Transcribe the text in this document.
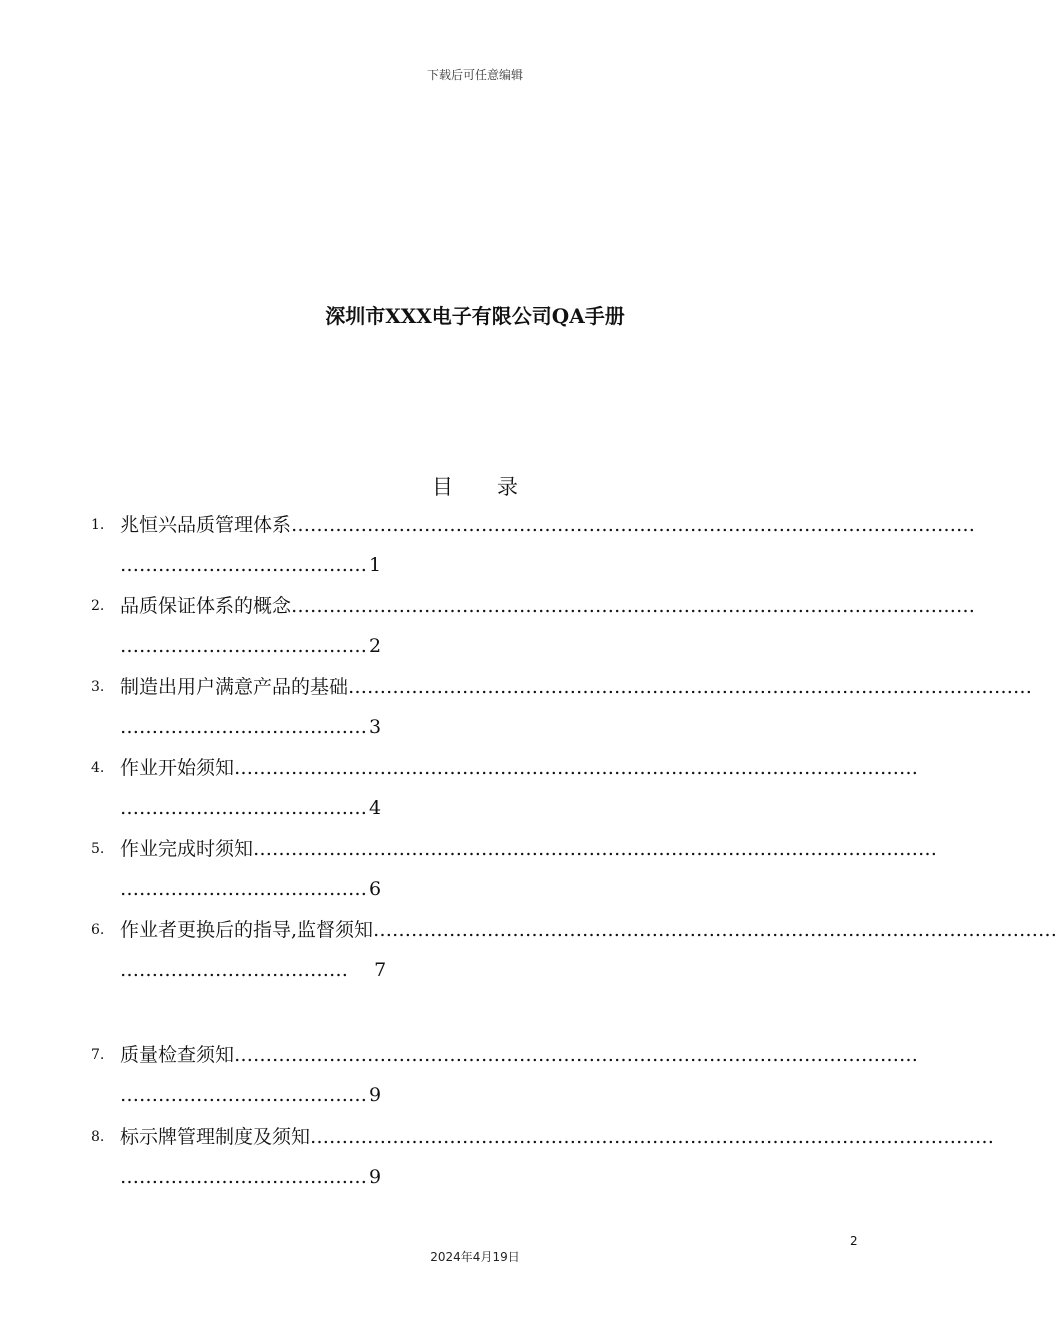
下载后可任意编辑
深圳市XXX电子有限公司QA手册
目 录
1. 兆恒兴品质管理体系………………………………………………………………………………………………
………………………………… 1
2. 品质保证体系的概念………………………………………………………………………………………………
………………………………… 2
3. 制造出用户满意产品的基础………………………………………………………………………………………………
………………………………… 3
4. 作业开始须知………………………………………………………………………………………………
………………………………… 4
5. 作业完成时须知………………………………………………………………………………………………
………………………………… 6
6. 作业者更换后的指导,监督须知………………………………………………………………………………………………
………………………………    7
7. 质量检查须知………………………………………………………………………………………………
………………………………… 9
8. 标示牌管理制度及须知………………………………………………………………………………………………
………………………………… 9
2
2024年4月19日
